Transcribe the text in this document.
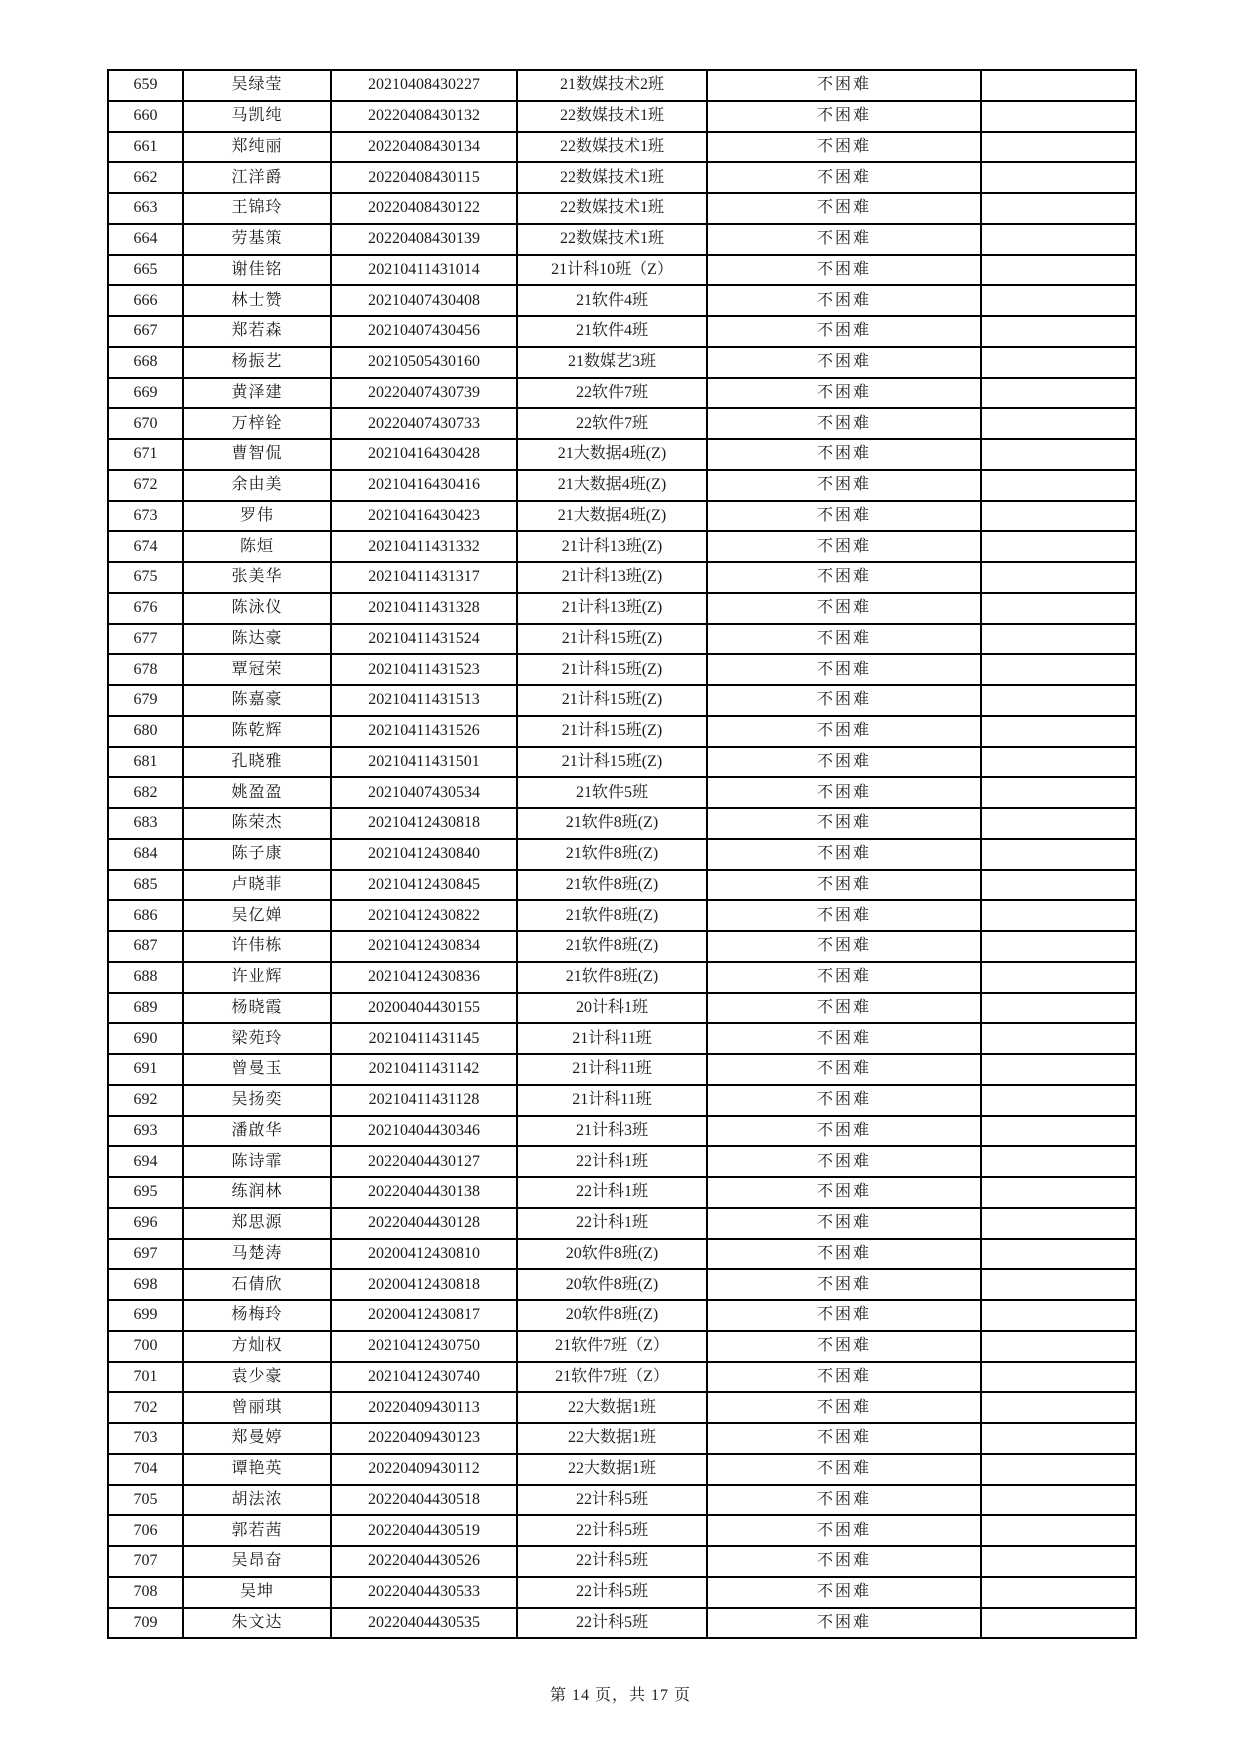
659	吴绿莹	20210408430227	21数媒技术2班	不困难	
660	马凯纯	20220408430132	22数媒技术1班	不困难	
661	郑纯丽	20220408430134	22数媒技术1班	不困难	
662	江洋爵	20220408430115	22数媒技术1班	不困难	
663	王锦玲	20220408430122	22数媒技术1班	不困难	
664	劳基策	20220408430139	22数媒技术1班	不困难	
665	谢佳铭	20210411431014	21计科10班（Z）	不困难	
666	林士赞	20210407430408	21软件4班	不困难	
667	郑若森	20210407430456	21软件4班	不困难	
668	杨振艺	20210505430160	21数媒艺3班	不困难	
669	黄泽建	20220407430739	22软件7班	不困难	
670	万梓铨	20220407430733	22软件7班	不困难	
671	曹智侃	20210416430428	21大数据4班(Z)	不困难	
672	余由美	20210416430416	21大数据4班(Z)	不困难	
673	罗伟	20210416430423	21大数据4班(Z)	不困难	
674	陈烜	20210411431332	21计科13班(Z)	不困难	
675	张美华	20210411431317	21计科13班(Z)	不困难	
676	陈泳仪	20210411431328	21计科13班(Z)	不困难	
677	陈达豪	20210411431524	21计科15班(Z)	不困难	
678	覃冠荣	20210411431523	21计科15班(Z)	不困难	
679	陈嘉豪	20210411431513	21计科15班(Z)	不困难	
680	陈乾辉	20210411431526	21计科15班(Z)	不困难	
681	孔晓雅	20210411431501	21计科15班(Z)	不困难	
682	姚盈盈	20210407430534	21软件5班	不困难	
683	陈荣杰	20210412430818	21软件8班(Z)	不困难	
684	陈子康	20210412430840	21软件8班(Z)	不困难	
685	卢晓菲	20210412430845	21软件8班(Z)	不困难	
686	吴亿婵	20210412430822	21软件8班(Z)	不困难	
687	许伟栋	20210412430834	21软件8班(Z)	不困难	
688	许业辉	20210412430836	21软件8班(Z)	不困难	
689	杨晓霞	20200404430155	20计科1班	不困难	
690	梁苑玲	20210411431145	21计科11班	不困难	
691	曾曼玉	20210411431142	21计科11班	不困难	
692	吴扬奕	20210411431128	21计科11班	不困难	
693	潘啟华	20210404430346	21计科3班	不困难	
694	陈诗霏	20220404430127	22计科1班	不困难	
695	练润林	20220404430138	22计科1班	不困难	
696	郑思源	20220404430128	22计科1班	不困难	
697	马楚涛	20200412430810	20软件8班(Z)	不困难	
698	石倩欣	20200412430818	20软件8班(Z)	不困难	
699	杨梅玲	20200412430817	20软件8班(Z)	不困难	
700	方灿权	20210412430750	21软件7班（Z）	不困难	
701	袁少豪	20210412430740	21软件7班（Z）	不困难	
702	曾丽琪	20220409430113	22大数据1班	不困难	
703	郑曼婷	20220409430123	22大数据1班	不困难	
704	谭艳英	20220409430112	22大数据1班	不困难	
705	胡法浓	20220404430518	22计科5班	不困难	
706	郭若茜	20220404430519	22计科5班	不困难	
707	吴昂奋	20220404430526	22计科5班	不困难	
708	吴坤	20220404430533	22计科5班	不困难	
709	朱文达	20220404430535	22计科5班	不困难	
第 14 页，共 17 页
